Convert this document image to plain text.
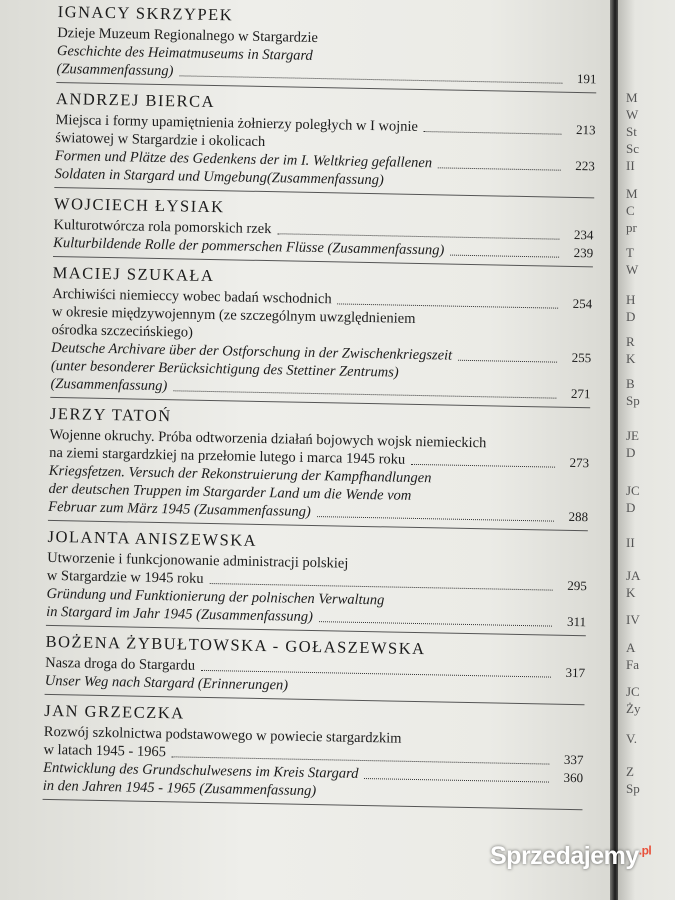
IGNACY SKRZYPEK
Dzieje Muzeum Regionalnego w Stargardzie
Geschichte des Heimatmuseums in Stargard
(Zusammenfassung)	191
ANDRZEJ BIERCA
Miejsca i formy upamiętnienia żołnierzy poległych w I wojnie	213
światowej w Stargardzie i okolicach
Formen und Plätze des Gedenkens der im I. Weltkrieg gefallenen	223
Soldaten in Stargard und Umgebung(Zusammenfassung)
WOJCIECH ŁYSIAK
Kulturotwórcza rola pomorskich rzek	234
Kulturbildende Rolle der pommerschen Flüsse (Zusammenfassung)	239
MACIEJ SZUKAŁA
Archiwiści niemieccy wobec badań wschodnich	254
w okresie międzywojennym (ze szczególnym uwzględnieniem
ośrodka szczecińskiego)
Deutsche Archivare über der Ostforschung in der Zwischenkriegszeit	255
(unter besonderer Berücksichtigung des Stettiner Zentrums)
(Zusammenfassung)	271
JERZY TATOŃ
Wojenne okruchy. Próba odtworzenia działań bojowych wojsk niemieckich
na ziemi stargardzkiej na przełomie lutego i marca 1945 roku	273
Kriegsfetzen. Versuch der Rekonstruierung der Kampfhandlungen
der deutschen Truppen im Stargarder Land um die Wende vom
Februar zum März 1945 (Zusammenfassung)	288
JOLANTA ANISZEWSKA
Utworzenie i funkcjonowanie administracji polskiej
w Stargardzie w 1945 roku	295
Gründung und Funktionierung der polnischen Verwaltung
in Stargard im Jahr 1945 (Zusammenfassung)	311
BOŻENA ŻYBUŁTOWSKA - GOŁASZEWSKA
Nasza droga do Stargardu	317
Unser Weg nach Stargard (Erinnerungen)
JAN GRZECZKA
Rozwój szkolnictwa podstawowego w powiecie stargardzkim
w latach 1945 - 1965	337
Entwicklung des Grundschulwesens im Kreis Stargard	360
in den Jahren 1945 - 1965 (Zusammenfassung)
M
W
St
Sc
II
M
C
pr
T
W
H
D
R
K
B
Sp
JE
D
JC
D
II
JA
K
IV
A
Fa
JC
Ży
V.
Z
Sp
Sprzedajemy$^{.pl}$
